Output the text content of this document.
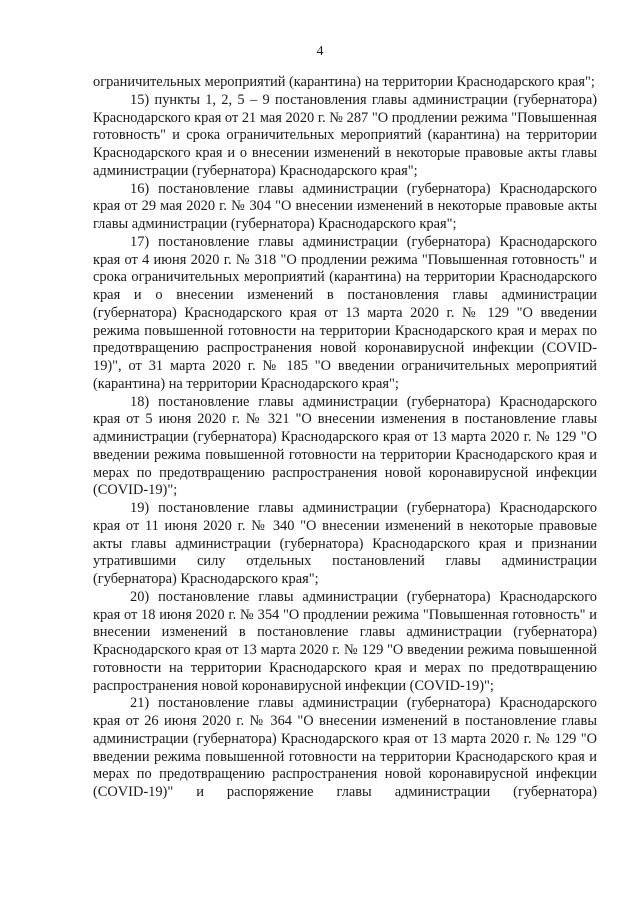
4

ограничительных мероприятий (карантина) на территории Краснодарского края";

15) пункты 1, 2, 5 – 9 постановления главы администрации (губернатора) Краснодарского края от 21 мая 2020 г. № 287 "О продлении режима "Повышенная готовность" и срока ограничительных мероприятий (карантина) на территории Краснодарского края и о внесении изменений в некоторые правовые акты главы администрации (губернатора) Краснодарского края";

16) постановление главы администрации (губернатора) Краснодарского края от 29 мая 2020 г. № 304 "О внесении изменений в некоторые правовые акты главы администрации (губернатора) Краснодарского края";

17) постановление главы администрации (губернатора) Краснодарского края от 4 июня 2020 г. № 318 "О продлении режима "Повышенная готовность" и срока ограничительных мероприятий (карантина) на территории Краснодарского края и о внесении изменений в постановления главы администрации (губернатора) Краснодарского края от 13 марта 2020 г. № 129 "О введении режима повышенной готовности на территории Краснодарского края и мерах по предотвращению распространения новой коронавирусной инфекции (COVID-19)", от 31 марта 2020 г. № 185 "О введении ограничительных мероприятий (карантина) на территории Краснодарского края";

18) постановление главы администрации (губернатора) Краснодарского края от 5 июня 2020 г. № 321 "О внесении изменения в постановление главы администрации (губернатора) Краснодарского края от 13 марта 2020 г. № 129 "О введении режима повышенной готовности на территории Краснодарского края и мерах по предотвращению распространения новой коронавирусной инфекции (COVID-19)";

19) постановление главы администрации (губернатора) Краснодарского края от 11 июня 2020 г. № 340 "О внесении изменений в некоторые правовые акты главы администрации (губернатора) Краснодарского края и признании утратившими силу отдельных постановлений главы администрации (губернатора) Краснодарского края";

20) постановление главы администрации (губернатора) Краснодарского края от 18 июня 2020 г. № 354 "О продлении режима "Повышенная готовность" и внесении изменений в постановление главы администрации (губернатора) Краснодарского края от 13 марта 2020 г. № 129 "О введении режима повышенной готовности на территории Краснодарского края и мерах по предотвращению распространения новой коронавирусной инфекции (COVID-19)";

21) постановление главы администрации (губернатора) Краснодарского края от 26 июня 2020 г. № 364 "О внесении изменений в постановление главы администрации (губернатора) Краснодарского края от 13 марта 2020 г. № 129 "О введении режима повышенной готовности на территории Краснодарского края и мерах по предотвращению распространения новой коронавирусной инфекции (COVID-19)" и распоряжение главы администрации (губернатора)
